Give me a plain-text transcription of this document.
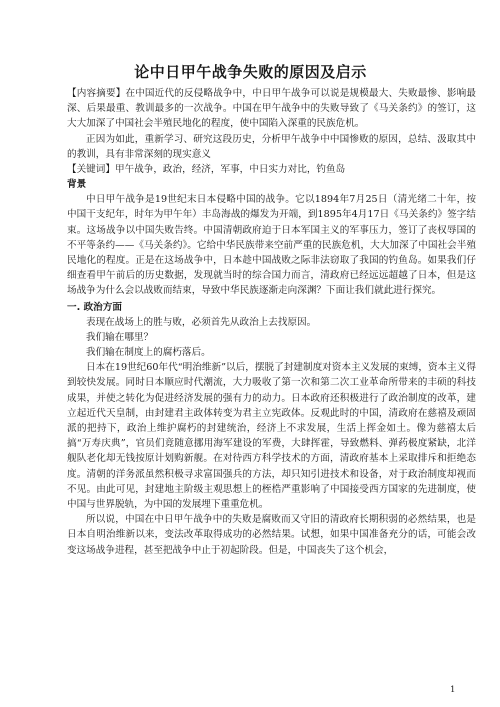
论中日甲午战争失败的原因及启示

【内容摘要】在中国近代的反侵略战争中，中日甲午战争可以说是规模最大、失败最惨、影响最深、后果最重、教训最多的一次战争。中国在甲午战争中的失败导致了《马关条约》的签订，这大大加深了中国社会半殖民地化的程度，使中国陷入深重的民族危机。

正因为如此，重新学习、研究这段历史，分析甲午战争中中国惨败的原因，总结、汲取其中的教训，具有非常深刻的现实意义

【关键词】甲午战争，政治，经济，军事，中日实力对比，钓鱼岛

背景

中日甲午战争是19世纪末日本侵略中国的战争。它以1894年7月25日（清光绪二十年，按中国干支纪年，时年为甲午年）丰岛海战的爆发为开端，到1895年4月17日《马关条约》签字结束。这场战争以中国失败告终。中国清朝政府迫于日本军国主义的军事压力，签订了丧权辱国的不平等条约——《马关条约》。它给中华民族带来空前严重的民族危机，大大加深了中国社会半殖民地化的程度。正是在这场战争中，日本趁中国战败之际非法窃取了我国的钓鱼岛。如果我们仔细查看甲午前后的历史数据，发现就当时的综合国力而言，清政府已经远远超越了日本，但是这场战争为什么会以战败而结束，导致中华民族逐渐走向深渊？下面让我们就此进行探究。

一. 政治方面

表现在战场上的胜与败，必须首先从政治上去找原因。

我们输在哪里？

我们输在制度上的腐朽落后。

日本在19世纪60年代“明治维新”以后，摆脱了封建制度对资本主义发展的束缚，资本主义得到较快发展。同时日本顺应时代潮流，大力吸收了第一次和第二次工业革命所带来的丰硕的科技成果，并使之转化为促进经济发展的强有力的动力。日本政府还积极进行了政治制度的改革，建立起近代天皇制，由封建君主政体转变为君主立宪政体。反观此时的中国，清政府在慈禧及顽固派的把持下，政治上维护腐朽的封建统治，经济上不求发展，生活上挥金如土。像为慈禧太后搞“万寿庆典”，官员们竟随意挪用海军建设的军费，大肆挥霍，导致燃料、弹药极度紧缺，北洋舰队老化却无钱按原计划购新舰。在对待西方科学技术的方面，清政府基本上采取排斥和拒绝态度。清朝的洋务派虽然积极寻求富国强兵的方法，却只知引进技术和设备，对于政治制度却视而不见。由此可见，封建地主阶级主观思想上的桎梏严重影响了中国接受西方国家的先进制度，使中国与世界脱轨，为中国的发展埋下重重危机。

所以说，中国在中日甲午战争中的失败是腐败而又守旧的清政府长期积弱的必然结果，也是日本自明治维新以来，变法改革取得成功的必然结果。试想，如果中国准备充分的话，可能会改变这场战争进程，甚至把战争中止于初起阶段。但是，中国丧失了这个机会，

1
